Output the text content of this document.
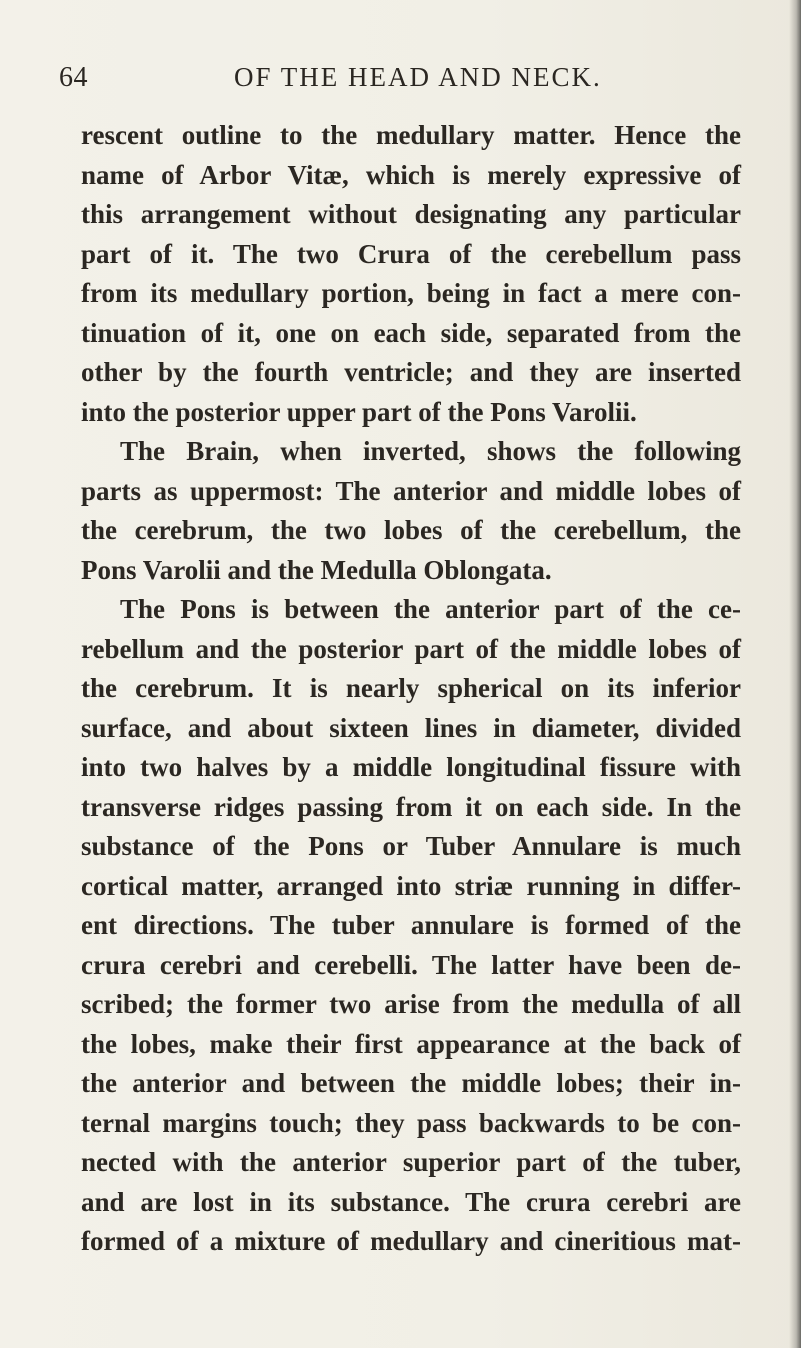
64	OF THE HEAD AND NECK.
rescent outline to the medullary matter. Hence the
name of Arbor Vitæ, which is merely expressive of
this arrangement without designating any particular
part of it. The two Crura of the cerebellum pass
from its medullary portion, being in fact a mere con-
tinuation of it, one on each side, separated from the
other by the fourth ventricle; and they are inserted
into the posterior upper part of the Pons Varolii.
The Brain, when inverted, shows the following
parts as uppermost: The anterior and middle lobes of
the cerebrum, the two lobes of the cerebellum, the
Pons Varolii and the Medulla Oblongata.
The Pons is between the anterior part of the ce-
rebellum and the posterior part of the middle lobes of
the cerebrum. It is nearly spherical on its inferior
surface, and about sixteen lines in diameter, divided
into two halves by a middle longitudinal fissure with
transverse ridges passing from it on each side. In the
substance of the Pons or Tuber Annulare is much
cortical matter, arranged into striæ running in differ-
ent directions. The tuber annulare is formed of the
crura cerebri and cerebelli. The latter have been de-
scribed; the former two arise from the medulla of all
the lobes, make their first appearance at the back of
the anterior and between the middle lobes; their in-
ternal margins touch; they pass backwards to be con-
nected with the anterior superior part of the tuber,
and are lost in its substance. The crura cerebri are
formed of a mixture of medullary and cineritious mat-
